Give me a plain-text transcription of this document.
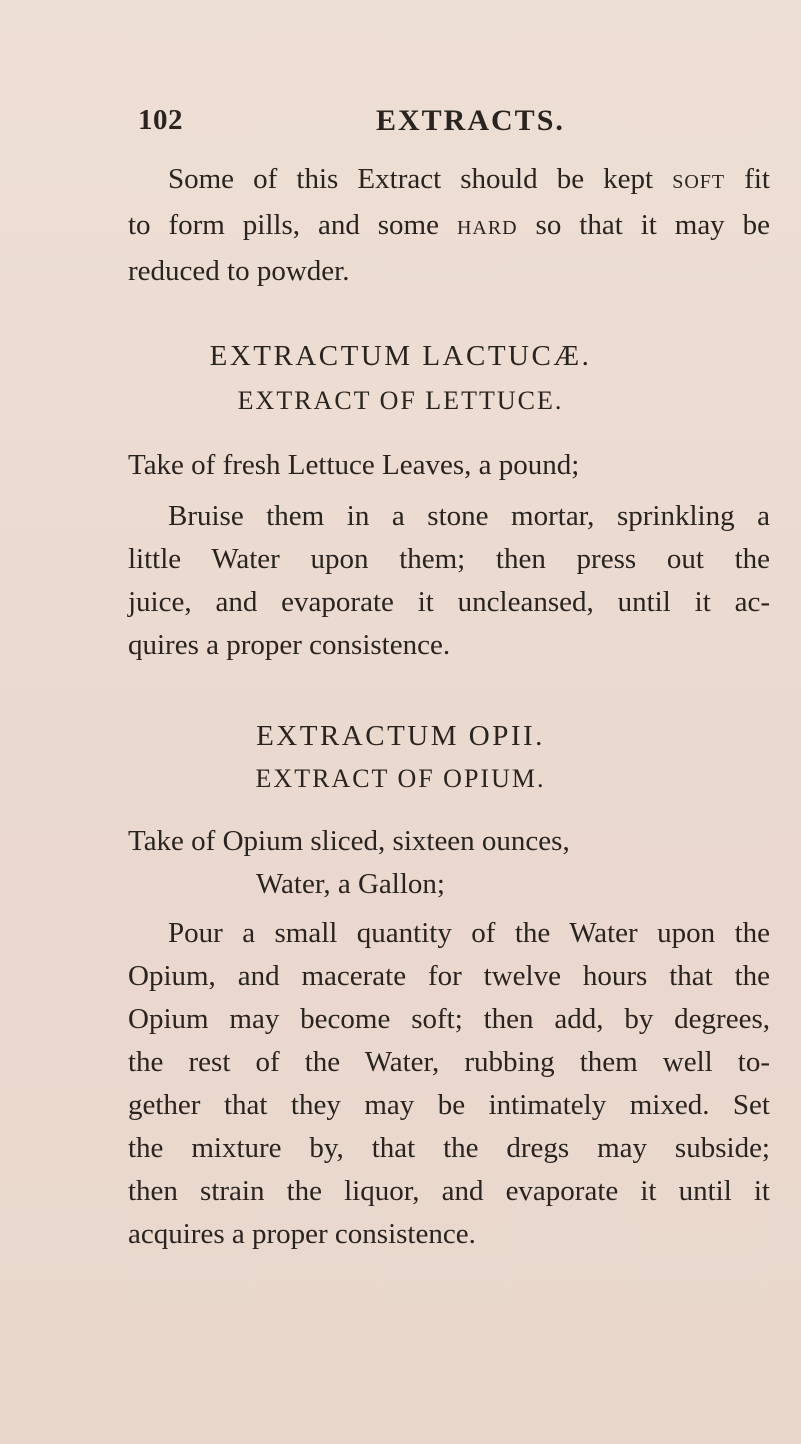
102	EXTRACTS.
Some of this Extract should be kept SOFT fit
to form pills, and some HARD so that it may be
reduced to powder.
EXTRACTUM LACTUCÆ.
EXTRACT OF LETTUCE.
Take of fresh Lettuce Leaves, a pound;
Bruise them in a stone mortar, sprinkling a
little Water upon them; then press out the
juice, and evaporate it uncleansed, until it ac-
quires a proper consistence.
EXTRACTUM OPII.
EXTRACT OF OPIUM.
Take of Opium sliced, sixteen ounces,
Water, a Gallon;
Pour a small quantity of the Water upon the
Opium, and macerate for twelve hours that the
Opium may become soft; then add, by degrees,
the rest of the Water, rubbing them well to-
gether that they may be intimately mixed. Set
the mixture by, that the dregs may subside;
then strain the liquor, and evaporate it until it
acquires a proper consistence.
